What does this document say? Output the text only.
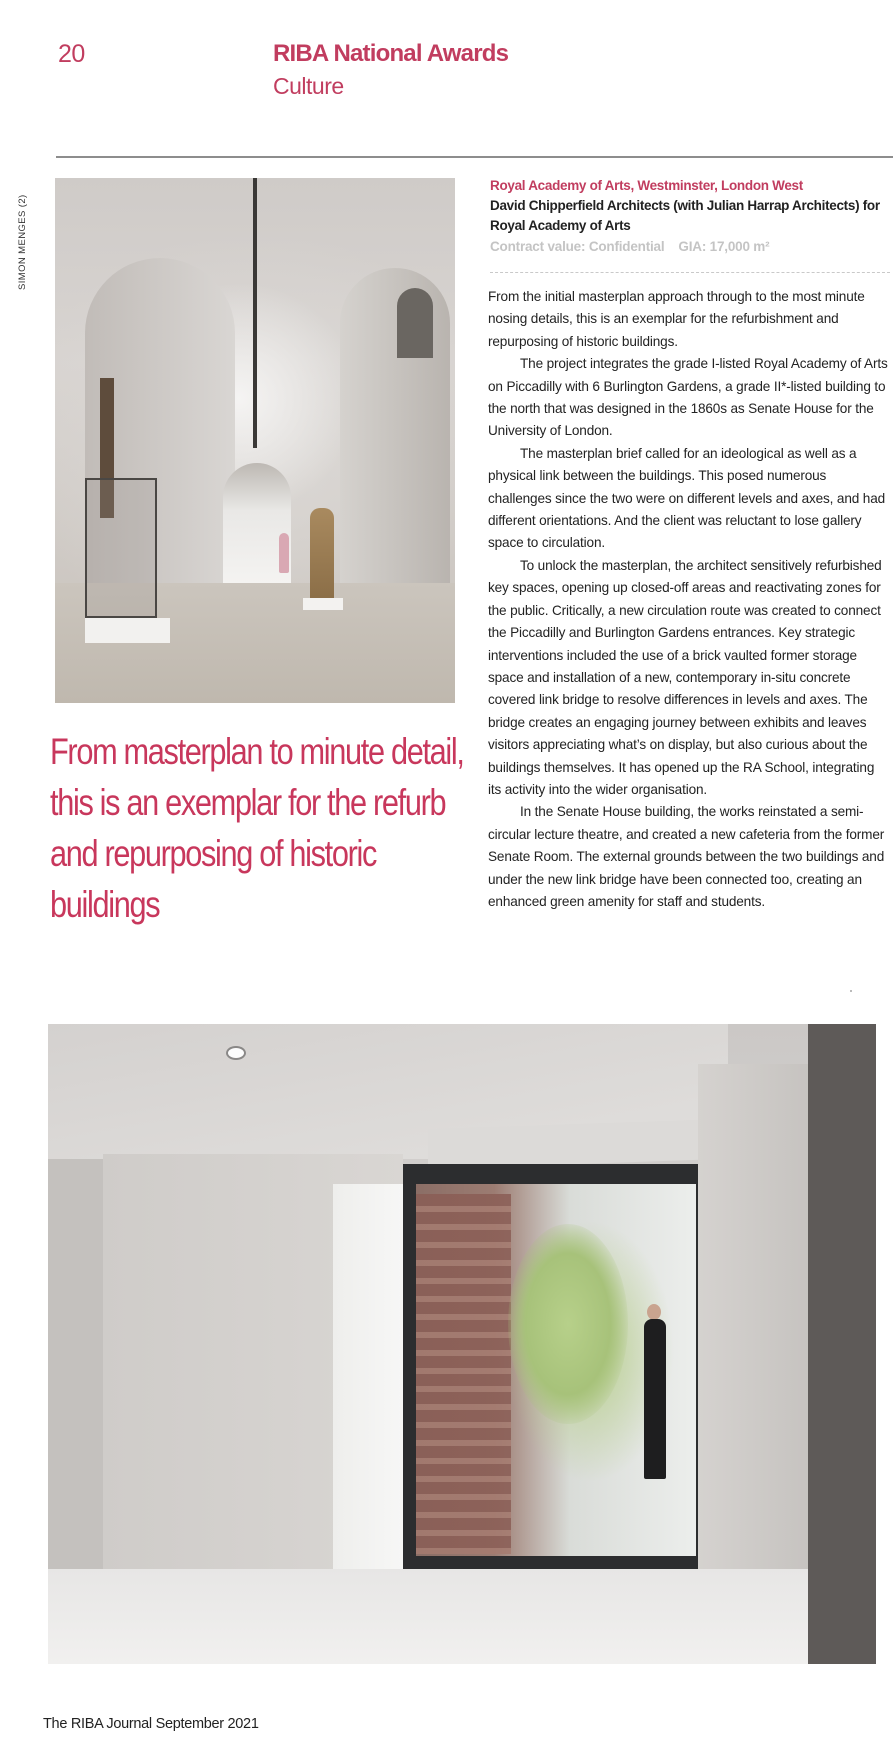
20	RIBA National Awards
Culture
SIMON MENGES (2)
From masterplan to minute detail, this is an exemplar for the refurb and repurposing of historic buildings
Royal Academy of Arts, Westminster, London West
David Chipperfield Architects (with Julian Harrap Architects) for Royal Academy of Arts
Contract value: Confidential GIA: 17,000 m²

From the initial masterplan approach through to the most minute nosing details, this is an exemplar for the refurbishment and repurposing of historic buildings.

The project integrates the grade I-listed Royal Academy of Arts on Piccadilly with 6 Burlington Gardens, a grade II*-listed building to the north that was designed in the 1860s as Senate House for the University of London.

The masterplan brief called for an ideological as well as a physical link between the buildings. This posed numerous challenges since the two were on different levels and axes, and had different orientations. And the client was reluctant to lose gallery space to circulation.

To unlock the masterplan, the architect sensitively refurbished key spaces, opening up closed-off areas and reactivating zones for the public. Critically, a new circulation route was created to connect the Piccadilly and Burlington Gardens entrances. Key strategic interventions included the use of a brick vaulted former storage space and installation of a new, contemporary in-situ concrete covered link bridge to resolve differences in levels and axes. The bridge creates an engaging journey between exhibits and leaves visitors appreciating what’s on display, but also curious about the buildings themselves. It has opened up the RA School, integrating its activity into the wider organisation.

In the Senate House building, the works reinstated a semi-circular lecture theatre, and created a new cafeteria from the former Senate Room. The external grounds between the two buildings and under the new link bridge have been connected too, creating an enhanced green amenity for staff and students.

The RIBA Journal September 2021
